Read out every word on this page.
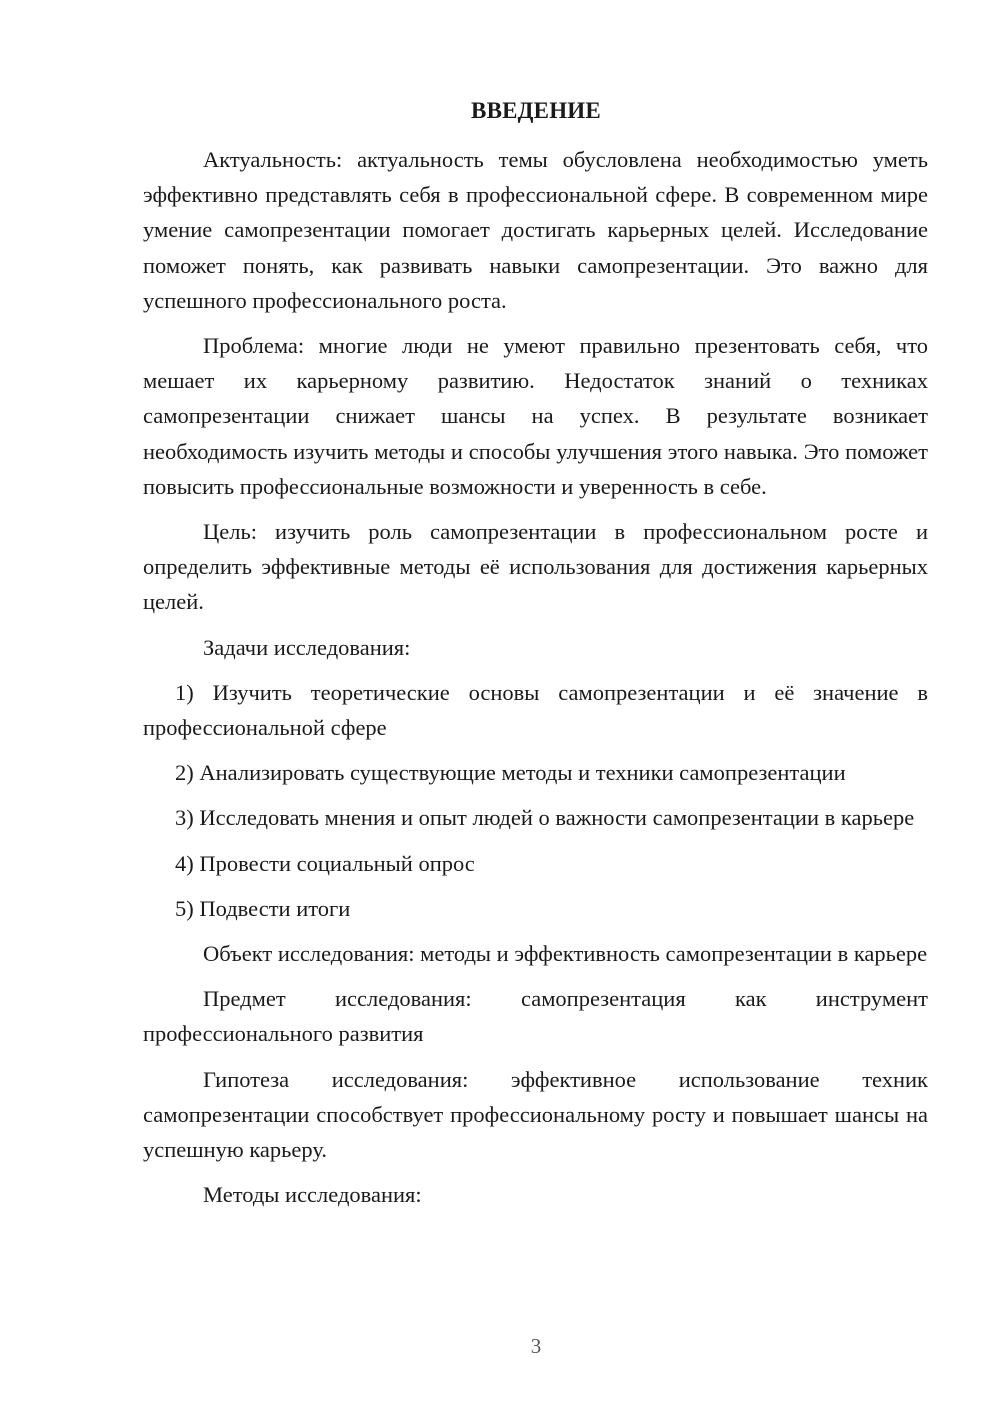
ВВЕДЕНИЕ

Актуальность: актуальность темы обусловлена необходимостью уметь эффективно представлять себя в профессиональной сфере. В современном мире умение самопрезентации помогает достигать карьерных целей. Исследование поможет понять, как развивать навыки самопрезентации. Это важно для успешного профессионального роста.

Проблема: многие люди не умеют правильно презентовать себя, что мешает их карьерному развитию. Недостаток знаний о техниках самопрезентации снижает шансы на успех. В результате возникает необходимость изучить методы и способы улучшения этого навыка. Это поможет повысить профессиональные возможности и уверенность в себе.

Цель: изучить роль самопрезентации в профессиональном росте и определить эффективные методы её использования для достижения карьерных целей.

Задачи исследования:

1) Изучить теоретические основы самопрезентации и её значение в профессиональной сфере

2) Анализировать существующие методы и техники самопрезентации

3) Исследовать мнения и опыт людей о важности самопрезентации в карьере

4) Провести социальный опрос

5) Подвести итоги

Объект исследования: методы и эффективность самопрезентации в карьере

Предмет исследования: самопрезентация как инструмент профессионального развития

Гипотеза исследования: эффективное использование техник самопрезентации способствует профессиональному росту и повышает шансы на успешную карьеру.

Методы исследования:

3
